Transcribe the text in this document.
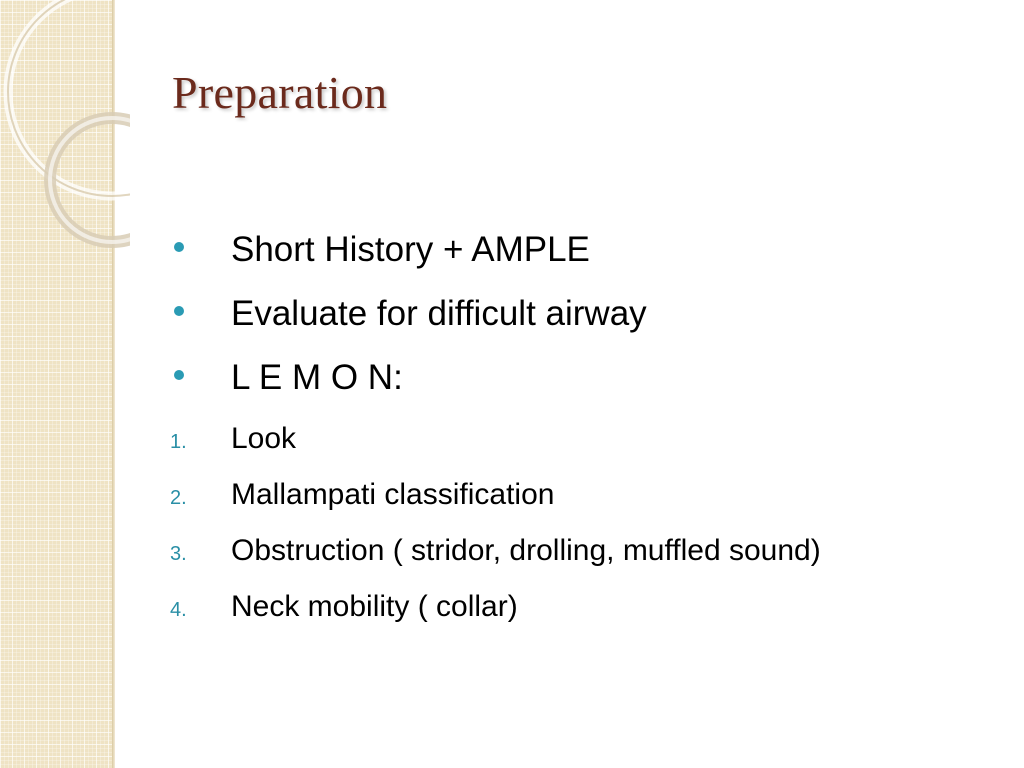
Preparation
Short History + AMPLE
Evaluate for difficult airway
L E M O N:
1.	Look
2.	Mallampati classification
3.	Obstruction ( stridor, drolling, muffled sound)
4.	Neck mobility ( collar)
